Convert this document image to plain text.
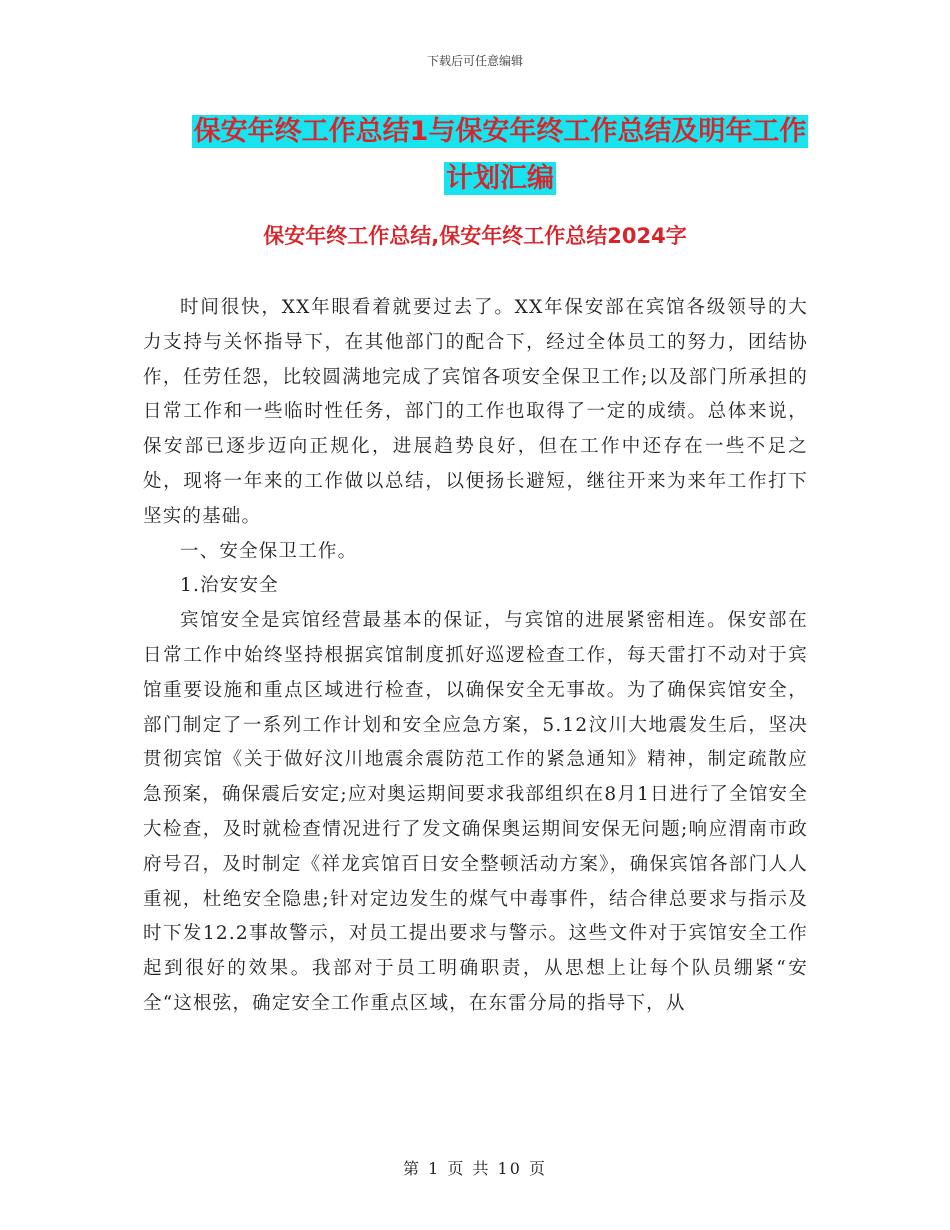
下载后可任意编辑
保安年终工作总结1与保安年终工作总结及明年工作
计划汇编
保安年终工作总结,保安年终工作总结2024字

时间很快，XX年眼看着就要过去了。XX年保安部在宾馆各级领导的大力支持与关怀指导下，在其他部门的配合下，经过全体员工的努力，团结协作，任劳任怨，比较圆满地完成了宾馆各项安全保卫工作;以及部门所承担的日常工作和一些临时性任务，部门的工作也取得了一定的成绩。总体来说，保安部已逐步迈向正规化，进展趋势良好，但在工作中还存在一些不足之处，现将一年来的工作做以总结，以便扬长避短，继往开来为来年工作打下坚实的基础。

一、安全保卫工作。

1.治安安全

宾馆安全是宾馆经营最基本的保证，与宾馆的进展紧密相连。保安部在日常工作中始终坚持根据宾馆制度抓好巡逻检查工作，每天雷打不动对于宾馆重要设施和重点区域进行检查，以确保安全无事故。为了确保宾馆安全，部门制定了一系列工作计划和安全应急方案，5.12汶川大地震发生后，坚决贯彻宾馆《关于做好汶川地震余震防范工作的紧急通知》精神，制定疏散应急预案，确保震后安定;应对奥运期间要求我部组织在8月1日进行了全馆安全大检查，及时就检查情况进行了发文确保奥运期间安保无问题;响应渭南市政府号召，及时制定《祥龙宾馆百日安全整顿活动方案》，确保宾馆各部门人人重视，杜绝安全隐患;针对定边发生的煤气中毒事件，结合律总要求与指示及时下发12.2事故警示，对员工提出要求与警示。这些文件对于宾馆安全工作起到很好的效果。我部对于员工明确职责，从思想上让每个队员绷紧“安全“这根弦，确定安全工作重点区域，在东雷分局的指导下，从

第 1 页 共 10 页
